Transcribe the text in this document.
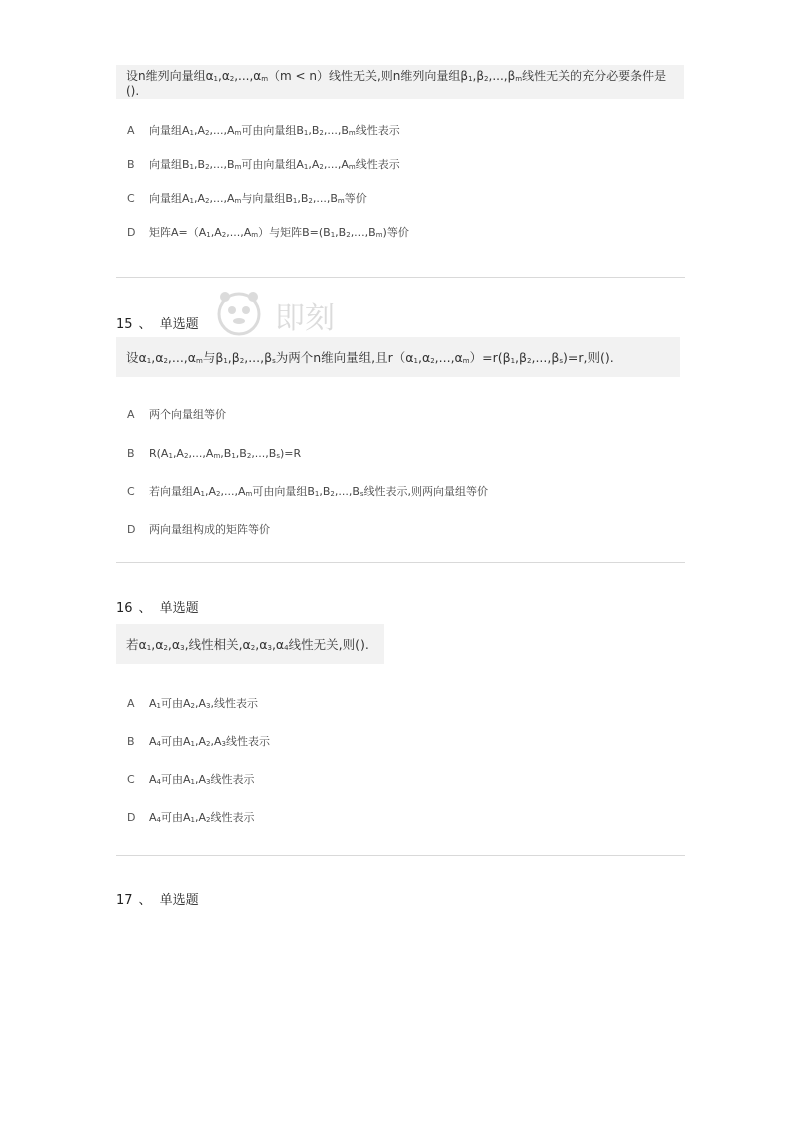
设n维列向量组$\alpha_1,\alpha_2,...,\alpha_m(m < n)$线性无关,则n维列向量组$\beta_1,\beta_2,...,\beta_m$线性无关的充分必要条件是().
A 向量组$A_1,A_2,...,A_m$可由向量组$B_1,B_2,...,B_m$线性表示
B 向量组$B_1,B_2,...,B_m$可由向量组$A_1,A_2,...,A_m$线性表示
C 向量组$A_1,A_2,...,A_m$与向量组$B_1,B_2,...,B_m$等价
D 矩阵$A=(A_1,A_2,...,A_m)$与矩阵$B=(B_1,B_2,...,B_m)$等价
即刻
15 、 单选题
设$\alpha_1,\alpha_2,...,\alpha_m$与$\beta_1,\beta_2,...,\beta_s$为两个n维向量组,且$r(\alpha_1,\alpha_2,...,\alpha_m)=r(\beta_1,\beta_2,...,\beta_s)=r$,则().
A 两个向量组等价
B $R(A_1,A_2,...,A_m,B_1,B_2,...,B_s)=R$
C 若向量组$A_1,A_2,...,A_m$可由向量组$B_1,B_2,...,B_s$线性表示,则两向量组等价
D 两向量组构成的矩阵等价
16 、 单选题
若$\alpha_1,\alpha_2,\alpha_3$,线性相关$,\alpha_2,\alpha_3,\alpha_4$线性无关,则().
A $A_1$可由$A_2,A_3$,线性表示
B $A_4$可由$A_1,A_2,A_3$线性表示
C $A_4$可由$A_1,A_3$线性表示
D $A_4$可由$A_1,A_2$线性表示
17 、 单选题
